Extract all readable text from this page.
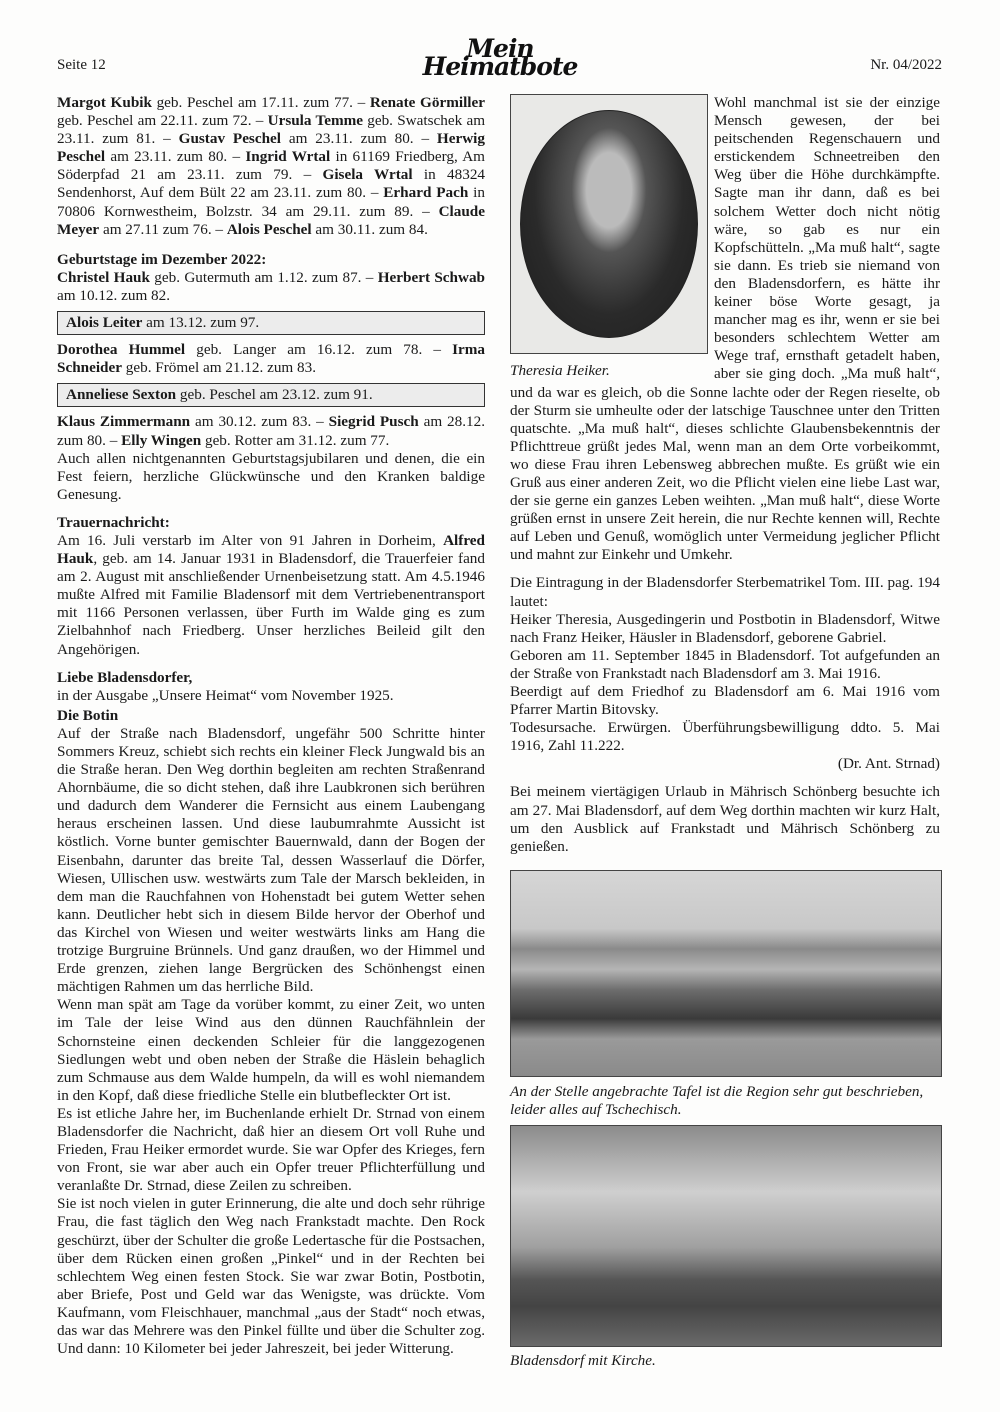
Seite 12
Mein Heimatbote	Nr. 04/2022

Margot Kubik geb. Peschel am 17.11. zum 77. – Renate Görmiller geb. Peschel am 22.11. zum 72. – Ursula Temme geb. Swatschek am 23.11. zum 81. – Gustav Peschel am 23.11. zum 80. – Herwig Peschel am 23.11. zum 80. – Ingrid Wrtal in 61169 Friedberg, Am Söderpfad 21 am 23.11. zum 79. – Gisela Wrtal in 48324 Sendenhorst, Auf dem Bült 22 am 23.11. zum 80. – Erhard Pach in 70806 Kornwestheim, Bolzstr. 34 am 29.11. zum 89. – Claude Meyer am 27.11 zum 76. – Alois Peschel am 30.11. zum 84.

Geburtstage im Dezember 2022:

Christel Hauk geb. Gutermuth am 1.12. zum 87. – Herbert Schwab am 10.12. zum 82.

Alois Leiter am 13.12. zum 97.

Dorothea Hummel geb. Langer am 16.12. zum 78. – Irma Schneider geb. Frömel am 21.12. zum 83.

Anneliese Sexton geb. Peschel am 23.12. zum 91.

Klaus Zimmermann am 30.12. zum 83. – Siegrid Pusch am 28.12. zum 80. – Elly Wingen geb. Rotter am 31.12. zum 77.

Auch allen nichtgenannten Geburtstagsjubilaren und denen, die ein Fest feiern, herzliche Glückwünsche und den Kranken baldige Genesung.

Trauernachricht:

Am 16. Juli verstarb im Alter von 91 Jahren in Dorheim, Alfred Hauk, geb. am 14. Januar 1931 in Bladensdorf, die Trauerfeier fand am 2. August mit anschließender Urnenbeisetzung statt. Am 4.5.1946 mußte Alfred mit Familie Bladensorf mit dem Vertriebenentransport mit 1166 Personen verlassen, über Furth im Walde ging es zum Zielbahnhof nach Friedberg. Unser herzliches Beileid gilt den Angehörigen.

Liebe Bladensdorfer,

in der Ausgabe „Unsere Heimat“ vom November 1925.

Die Botin

Auf der Straße nach Bladensdorf, ungefähr 500 Schritte hinter Sommers Kreuz, schiebt sich rechts ein kleiner Fleck Jungwald bis an die Straße heran. Den Weg dorthin begleiten am rechten Straßenrand Ahornbäume, die so dicht stehen, daß ihre Laubkronen sich berühren und dadurch dem Wanderer die Fernsicht aus einem Laubengang heraus erscheinen lassen. Und diese laubumrahmte Aussicht ist köstlich. Vorne bunter gemischter Bauernwald, dann der Bogen der Eisenbahn, darunter das breite Tal, dessen Wasserlauf die Dörfer, Wiesen, Ullischen usw. westwärts zum Tale der Marsch bekleiden, in dem man die Rauchfahnen von Hohenstadt bei gutem Wetter sehen kann. Deutlicher hebt sich in diesem Bilde hervor der Oberhof und das Kirchel von Wiesen und weiter westwärts links am Hang die trotzige Burgruine Brünnels. Und ganz draußen, wo der Himmel und Erde grenzen, ziehen lange Bergrücken des Schönhengst einen mächtigen Rahmen um das herrliche Bild.

Wenn man spät am Tage da vorüber kommt, zu einer Zeit, wo unten im Tale der leise Wind aus den dünnen Rauchfähnlein der Schornsteine einen deckenden Schleier für die langgezogenen Siedlungen webt und oben neben der Straße die Häslein behaglich zum Schmause aus dem Walde humpeln, da will es wohl niemandem in den Kopf, daß diese friedliche Stelle ein blutbefleckter Ort ist.

Es ist etliche Jahre her, im Buchenlande erhielt Dr. Strnad von einem Bladensdorfer die Nachricht, daß hier an diesem Ort voll Ruhe und Frieden, Frau Heiker ermordet wurde. Sie war Opfer des Krieges, fern von Front, sie war aber auch ein Opfer treuer Pflichterfüllung und veranlaßte Dr. Strnad, diese Zeilen zu schreiben.

Sie ist noch vielen in guter Erinnerung, die alte und doch sehr rührige Frau, die fast täglich den Weg nach Frankstadt machte. Den Rock geschürzt, über der Schulter die große Ledertasche für die Postsachen, über dem Rücken einen großen „Pinkel“ und in der Rechten bei schlechtem Weg einen festen Stock. Sie war zwar Botin, Postbotin, aber Briefe, Post und Geld war das Wenigste, was drückte. Vom Kaufmann, vom Fleischhauer, manchmal „aus der Stadt“ noch etwas, das war das Mehrere was den Pinkel füllte und über die Schulter zog. Und dann: 10 Kilometer bei jeder Jahreszeit, bei jeder Witterung.

Theresia Heiker.

Wohl manchmal ist sie der einzige Mensch gewesen, der bei peitschenden Regenschauern und erstickendem Schneetreiben den Weg über die Höhe durchkämpfte. Sagte man ihr dann, daß es bei solchem Wetter doch nicht nötig wäre, so gab es nur ein Kopfschütteln. „Ma muß halt“, sagte sie dann. Es trieb sie niemand von den Bladensdorfern, es hätte ihr keiner böse Worte gesagt, ja mancher mag es ihr, wenn er sie bei besonders schlechtem Wetter am Wege traf, ernsthaft getadelt haben, aber sie ging doch. „Ma muß halt“, und da war es gleich, ob die Sonne lachte oder der Regen rieselte, ob der Sturm sie umheulte oder der latschige Tauschnee unter den Tritten quatschte. „Ma muß halt“, dieses schlichte Glaubensbekenntnis der Pflichttreue grüßt jedes Mal, wenn man an dem Orte vorbeikommt, wo diese Frau ihren Lebensweg abbrechen mußte. Es grüßt wie ein Gruß aus einer anderen Zeit, wo die Pflicht vielen eine liebe Last war, der sie gerne ein ganzes Leben weihten. „Man muß halt“, diese Worte grüßen ernst in unsere Zeit herein, die nur Rechte kennen will, Rechte auf Leben und Genuß, womöglich unter Vermeidung jeglicher Pflicht und mahnt zur Einkehr und Umkehr.

Die Eintragung in der Bladensdorfer Sterbematrikel Tom. III. pag. 194 lautet:

Heiker Theresia, Ausgedingerin und Postbotin in Bladensdorf, Witwe nach Franz Heiker, Häusler in Bladensdorf, geborene Gabriel.

Geboren am 11. September 1845 in Bladensdorf. Tot aufgefunden an der Straße von Frankstadt nach Bladensdorf am 3. Mai 1916.

Beerdigt auf dem Friedhof zu Bladensdorf am 6. Mai 1916 vom Pfarrer Martin Bitovsky.

Todesursache. Erwürgen. Überführungsbewilligung ddto. 5. Mai 1916, Zahl 11.222.

(Dr. Ant. Strnad)

Bei meinem viertägigen Urlaub in Mährisch Schönberg besuchte ich am 27. Mai Bladensdorf, auf dem Weg dorthin machten wir kurz Halt, um den Ausblick auf Frankstadt und Mährisch Schönberg zu genießen.

An der Stelle angebrachte Tafel ist die Region sehr gut beschrieben, leider alles auf Tschechisch.
Bladensdorf mit Kirche.
